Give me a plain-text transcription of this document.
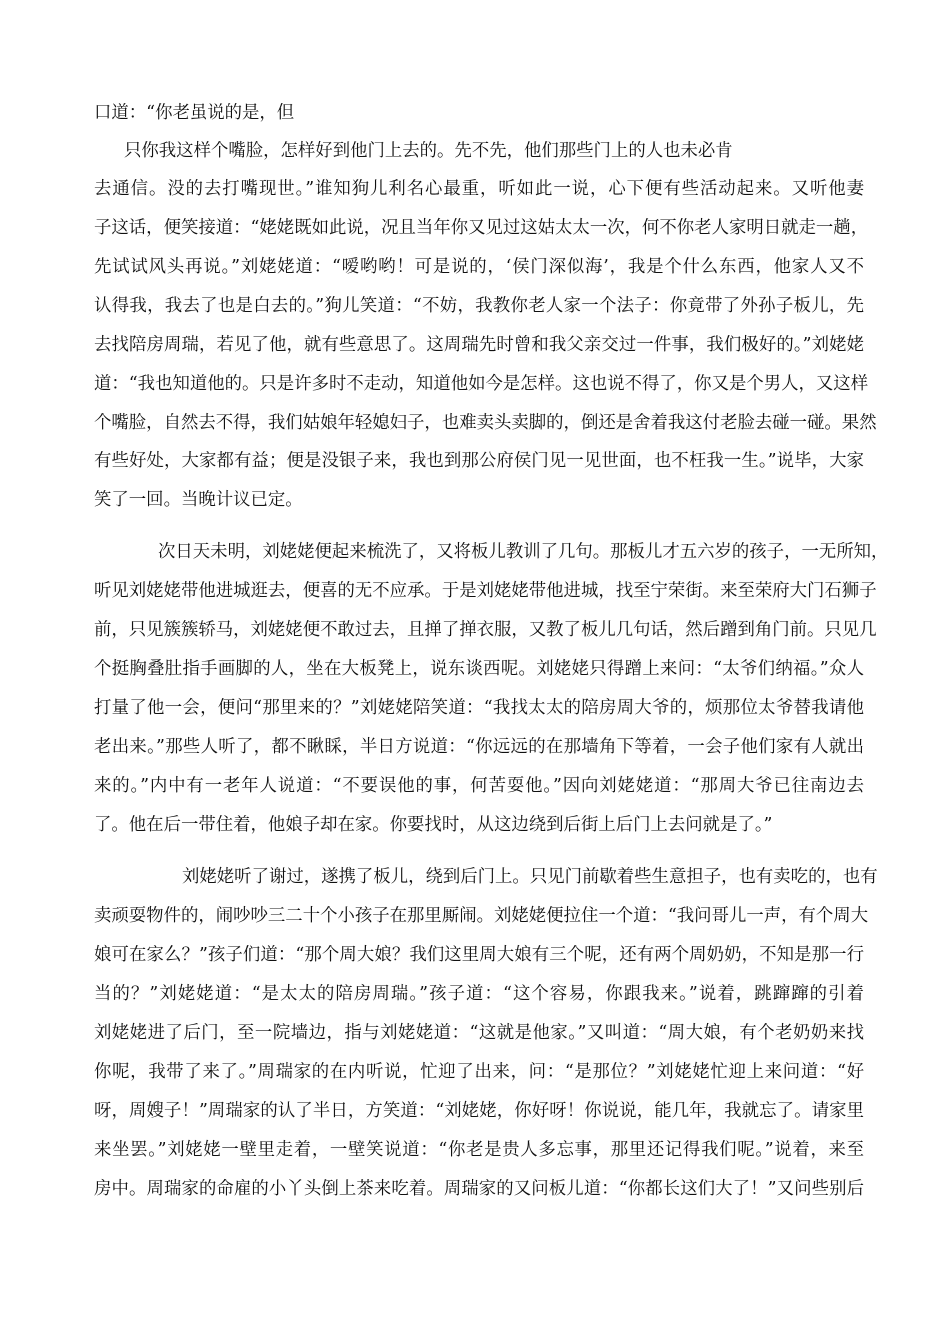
口道：“你老虽说的是，但
只你我这样个嘴脸，怎样好到他门上去的。先不先，他们那些门上的人也未必肯
去通信。没的去打嘴现世。”谁知狗儿利名心最重，听如此一说，心下便有些活动起来。又听他妻
子这话，便笑接道：“姥姥既如此说，况且当年你又见过这姑太太一次，何不你老人家明日就走一趟，
先试试风头再说。”刘姥姥道：“嗳哟哟！可是说的，‘侯门深似海’，我是个什么东西，他家人又不
认得我，我去了也是白去的。”狗儿笑道：“不妨，我教你老人家一个法子：你竟带了外孙子板儿，先
去找陪房周瑞，若见了他，就有些意思了。这周瑞先时曾和我父亲交过一件事，我们极好的。”刘姥姥
道：“我也知道他的。只是许多时不走动，知道他如今是怎样。这也说不得了，你又是个男人，又这样
个嘴脸，自然去不得，我们姑娘年轻媳妇子，也难卖头卖脚的，倒还是舍着我这付老脸去碰一碰。果然
有些好处，大家都有益；便是没银子来，我也到那公府侯门见一见世面，也不枉我一生。”说毕，大家
笑了一回。当晚计议已定。
次日天未明，刘姥姥便起来梳洗了，又将板儿教训了几句。那板儿才五六岁的孩子，一无所知，
听见刘姥姥带他进城逛去，便喜的无不应承。于是刘姥姥带他进城，找至宁荣街。来至荣府大门石狮子
前，只见簇簇轿马，刘姥姥便不敢过去，且掸了掸衣服，又教了板儿几句话，然后蹭到角门前。只见几
个挺胸叠肚指手画脚的人，坐在大板凳上，说东谈西呢。刘姥姥只得蹭上来问：“太爷们纳福。”众人
打量了他一会，便问“那里来的？”刘姥姥陪笑道：“我找太太的陪房周大爷的，烦那位太爷替我请他
老出来。”那些人听了，都不瞅睬，半日方说道：“你远远的在那墙角下等着，一会子他们家有人就出
来的。”内中有一老年人说道：“不要误他的事，何苦耍他。”因向刘姥姥道：“那周大爷已往南边去
了。他在后一带住着，他娘子却在家。你要找时，从这边绕到后街上后门上去问就是了。”
刘姥姥听了谢过，遂携了板儿，绕到后门上。只见门前歇着些生意担子，也有卖吃的，也有
卖顽耍物件的，闹吵吵三二十个小孩子在那里厮闹。刘姥姥便拉住一个道：“我问哥儿一声，有个周大
娘可在家么？”孩子们道：“那个周大娘？我们这里周大娘有三个呢，还有两个周奶奶，不知是那一行
当的？”刘姥姥道：“是太太的陪房周瑞。”孩子道：“这个容易，你跟我来。”说着，跳蹿蹿的引着
刘姥姥进了后门，至一院墙边，指与刘姥姥道：“这就是他家。”又叫道：“周大娘，有个老奶奶来找
你呢，我带了来了。”周瑞家的在内听说，忙迎了出来，问：“是那位？”刘姥姥忙迎上来问道：“好
呀，周嫂子！”周瑞家的认了半日，方笑道：“刘姥姥，你好呀！你说说，能几年，我就忘了。请家里
来坐罢。”刘姥姥一壁里走着，一壁笑说道：“你老是贵人多忘事，那里还记得我们呢。”说着，来至
房中。周瑞家的命雇的小丫头倒上茶来吃着。周瑞家的又问板儿道：“你都长这们大了！”又问些别后
